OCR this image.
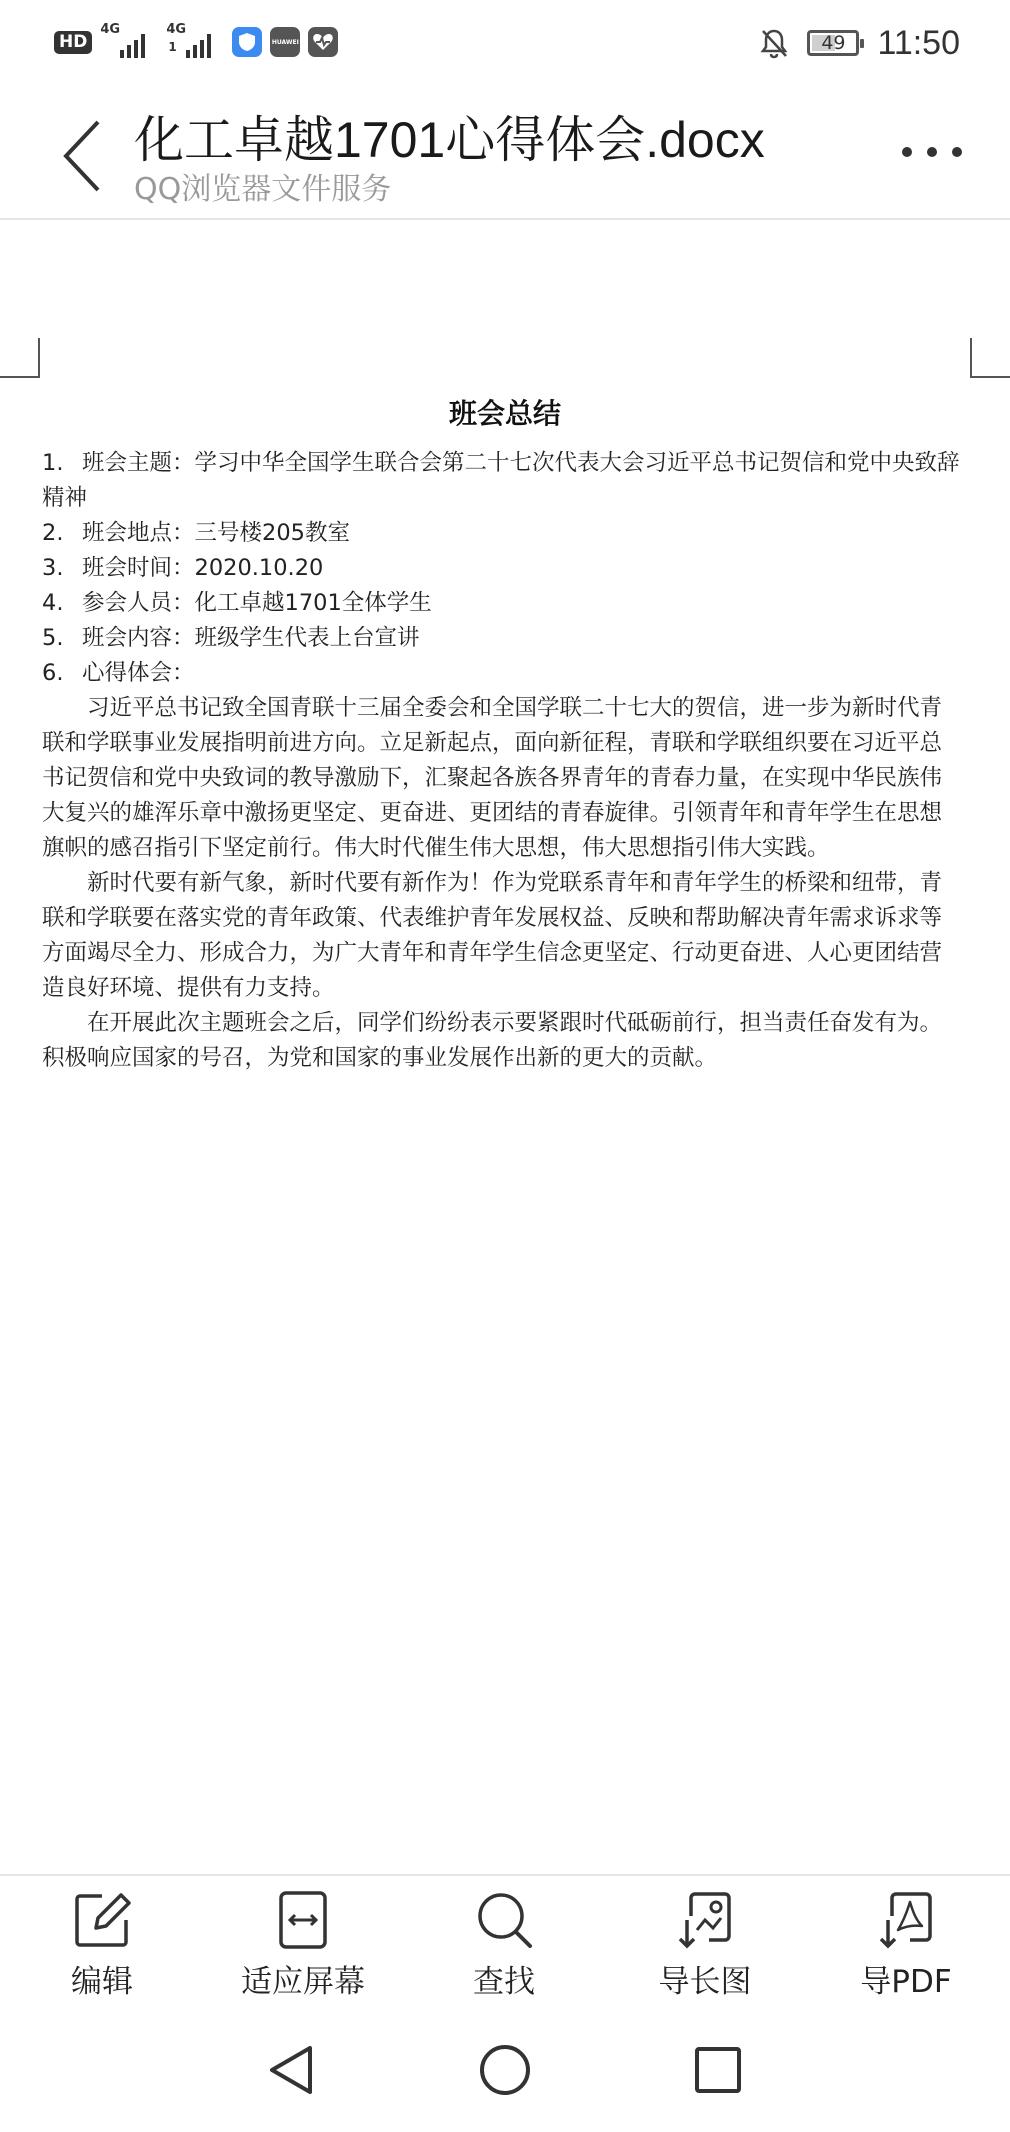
HD
4G	4G
1	HUAWEI	49 11:50
化工卓越1701心得体会.docx
QQ浏览器文件服务
班会总结
1. 班会主题：学习中华全国学生联合会第二十七次代表大会习近平总书记贺信和党中央致辞精神
2. 班会地点：三号楼205教室
3. 班会时间：2020.10.20
4. 参会人员：化工卓越1701全体学生
5. 班会内容：班级学生代表上台宣讲
6. 心得体会：
习近平总书记致全国青联十三届全委会和全国学联二十七大的贺信，进一步为新时代青联和学联事业发展指明前进方向。立足新起点，面向新征程，青联和学联组织要在习近平总书记贺信和党中央致词的教导激励下，汇聚起各族各界青年的青春力量，在实现中华民族伟大复兴的雄浑乐章中激扬更坚定、更奋进、更团结的青春旋律。引领青年和青年学生在思想旗帜的感召指引下坚定前行。伟大时代催生伟大思想，伟大思想指引伟大实践。
新时代要有新气象，新时代要有新作为！作为党联系青年和青年学生的桥梁和纽带，青联和学联要在落实党的青年政策、代表维护青年发展权益、反映和帮助解决青年需求诉求等方面竭尽全力、形成合力，为广大青年和青年学生信念更坚定、行动更奋进、人心更团结营造良好环境、提供有力支持。
在开展此次主题班会之后，同学们纷纷表示要紧跟时代砥砺前行，担当责任奋发有为。积极响应国家的号召，为党和国家的事业发展作出新的更大的贡献。
编辑	适应屏幕	查找	导长图	导PDF
